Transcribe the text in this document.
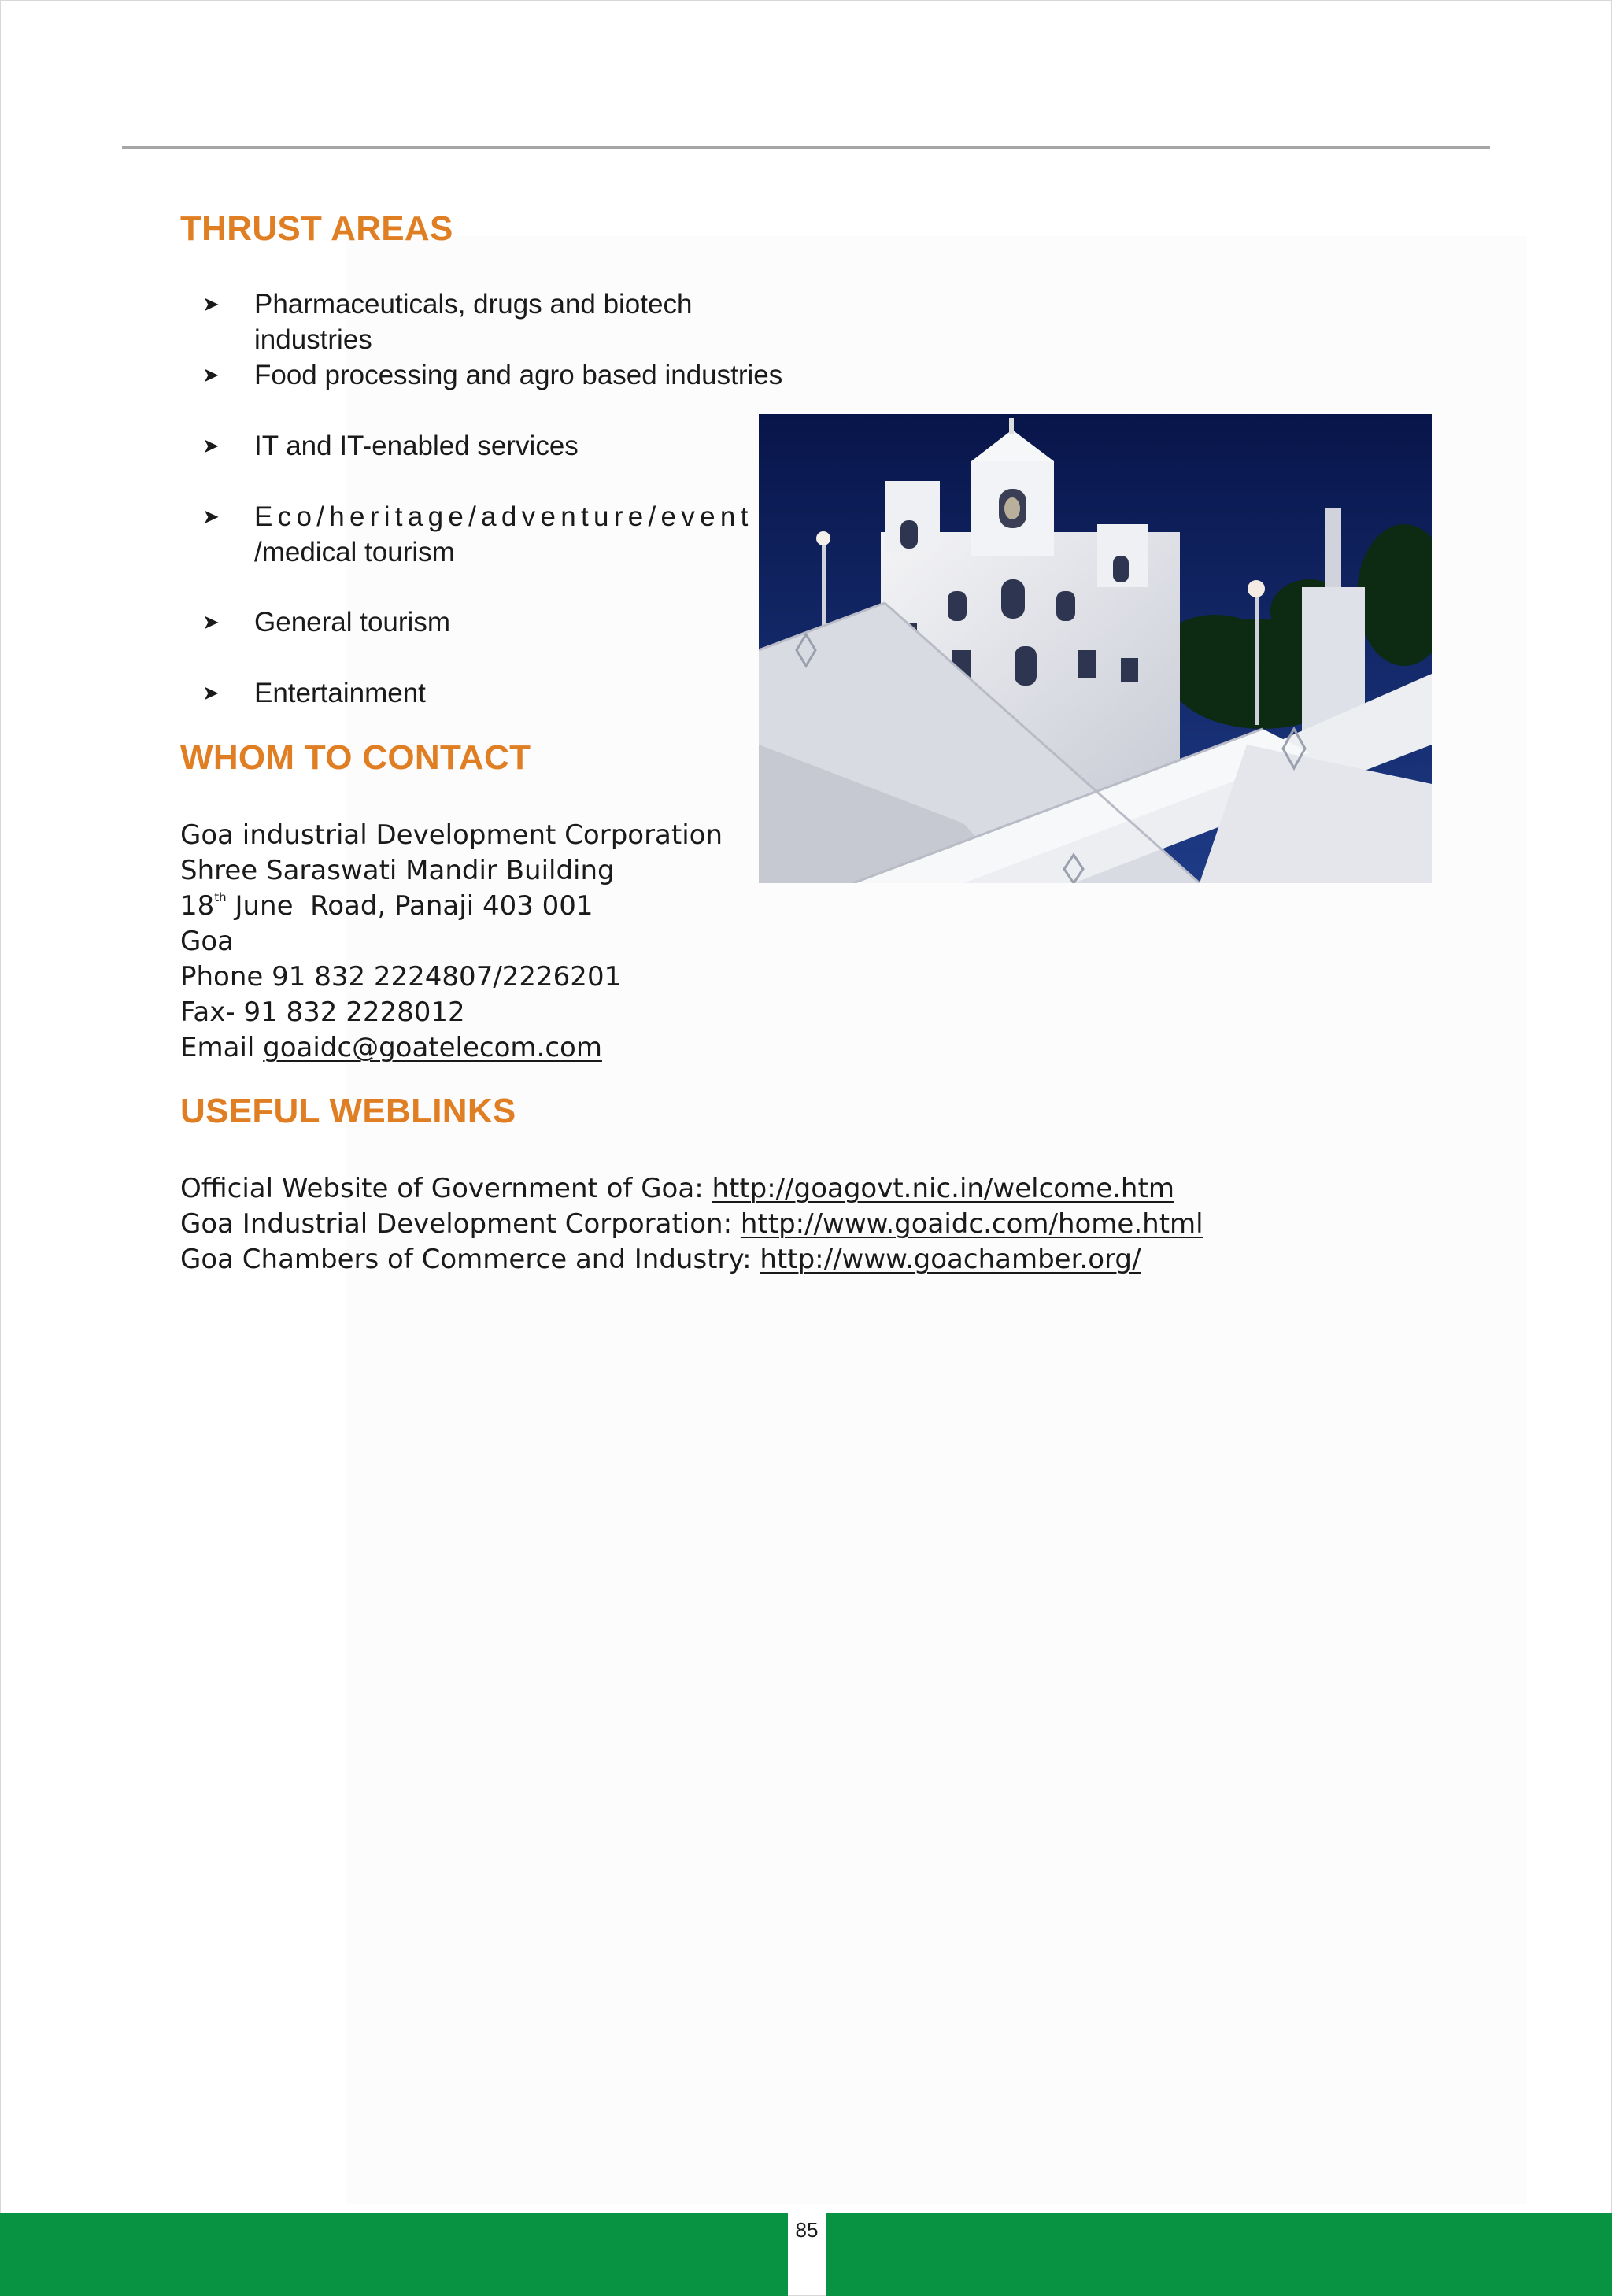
THRUST AREAS
➤ Pharmaceuticals, drugs and biotech industries
➤ Food processing and agro based industries
➤ IT and IT-enabled services
➤ Eco/heritage/adventure/event
/medical tourism
➤ General tourism
➤ Entertainment
WHOM TO CONTACT
Goa industrial Development Corporation
Shree Saraswati Mandir Building
18th June  Road, Panaji 403 001
Goa
Phone 91 832 2224807/2226201
Fax- 91 832 2228012
Email goaidc@goatelecom.com
USEFUL WEBLINKS
Official Website of Government of Goa: http://goagovt.nic.in/welcome.htm
Goa Industrial Development Corporation: http://www.goaidc.com/home.html
Goa Chambers of Commerce and Industry: http://www.goachamber.org/
85
